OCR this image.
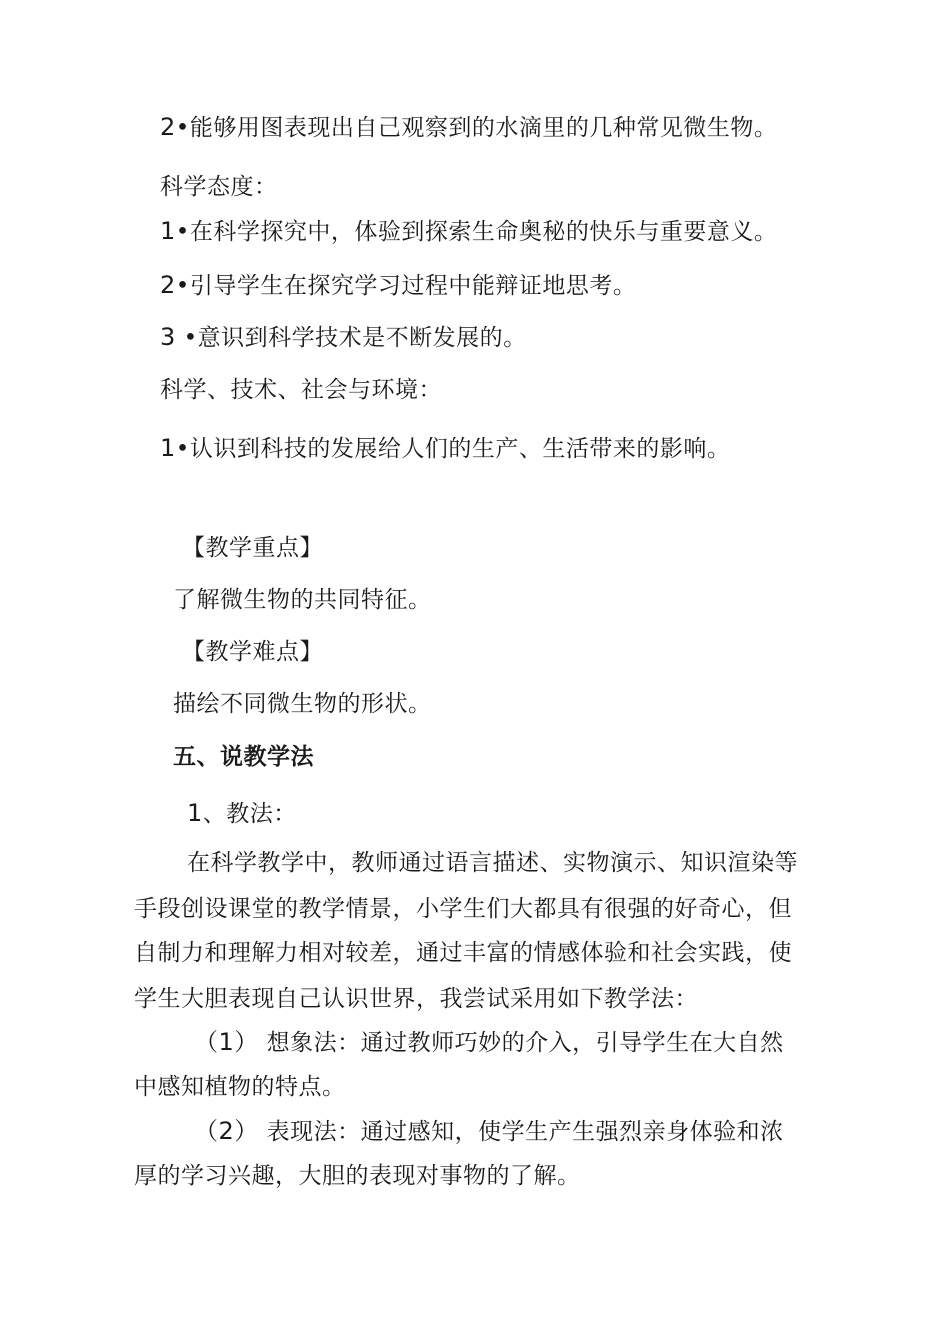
2•能够用图表现出自己观察到的水滴里的几种常见微生物。
科学态度：
1•在科学探究中，体验到探索生命奥秘的快乐与重要意义。
2•引导学生在探究学习过程中能辩证地思考。
3 •意识到科学技术是不断发展的。
科学、技术、社会与环境：
1•认识到科技的发展给人们的生产、生活带来的影响。
【教学重点】
了解微生物的共同特征。
【教学难点】
描绘不同微生物的形状。
五、说教学法
1、教法：
在科学教学中，教师通过语言描述、实物演示、知识渲染等
手段创设课堂的教学情景，小学生们大都具有很强的好奇心，但
自制力和理解力相对较差，通过丰富的情感体验和社会实践，使
学生大胆表现自己认识世界，我尝试采用如下教学法：
（1） 想象法：通过教师巧妙的介入，引导学生在大自然
中感知植物的特点。
（2） 表现法：通过感知，使学生产生强烈亲身体验和浓
厚的学习兴趣，大胆的表现对事物的了解。
